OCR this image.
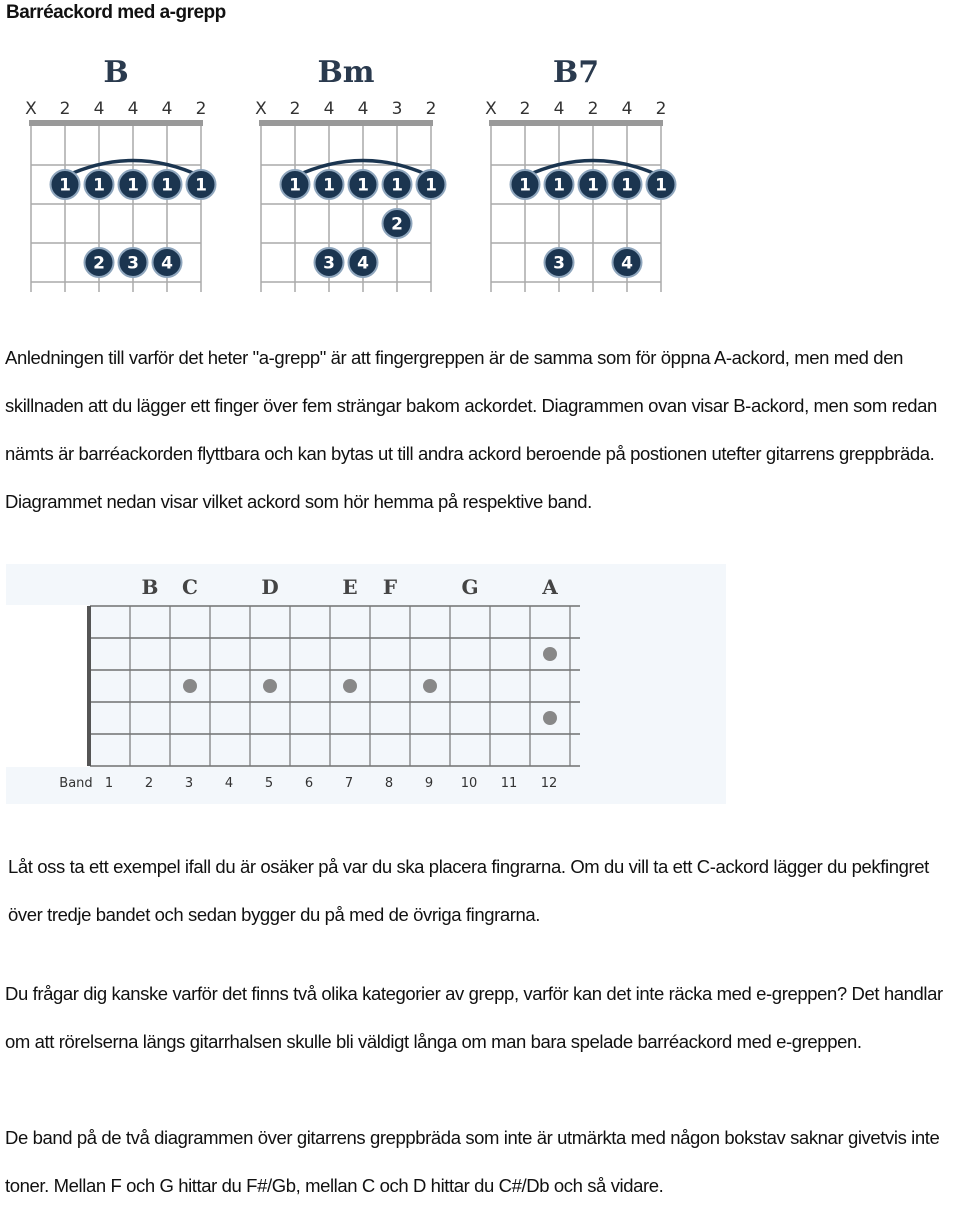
Barréackord med a-grepp
B
X 2 4 4 4 2
1 1 1 1 1
2 3 4
Bm
X 2 4 4 3 2
1 1 1 1 1
2
3 4
B7
X 2 4 2 4 2
1 1 1 1 1
3	4

Anledningen till varför det heter "a-grepp" är att fingergreppen är de samma som för öppna A-ackord, men med den skillnaden att du lägger ett finger över fem strängar bakom ackordet. Diagrammen ovan visar B-ackord, men som redan nämts är barréackorden flyttbara och kan bytas ut till andra ackord beroende på postionen utefter gitarrens greppbräda. Diagrammet nedan visar vilket ackord som hör hemma på respektive band.

B C	D	E F	G	A
Band 1 2 3 4 5 6 7 8 9 10 11 12

Låt oss ta ett exempel ifall du är osäker på var du ska placera fingrarna. Om du vill ta ett C-ackord lägger du pekfingret över tredje bandet och sedan bygger du på med de övriga fingrarna.

Du frågar dig kanske varför det finns två olika kategorier av grepp, varför kan det inte räcka med e-greppen? Det handlar om att rörelserna längs gitarrhalsen skulle bli väldigt långa om man bara spelade barréackord med e-greppen.

De band på de två diagrammen över gitarrens greppbräda som inte är utmärkta med någon bokstav saknar givetvis inte toner. Mellan F och G hittar du F#/Gb, mellan C och D hittar du C#/Db och så vidare.
